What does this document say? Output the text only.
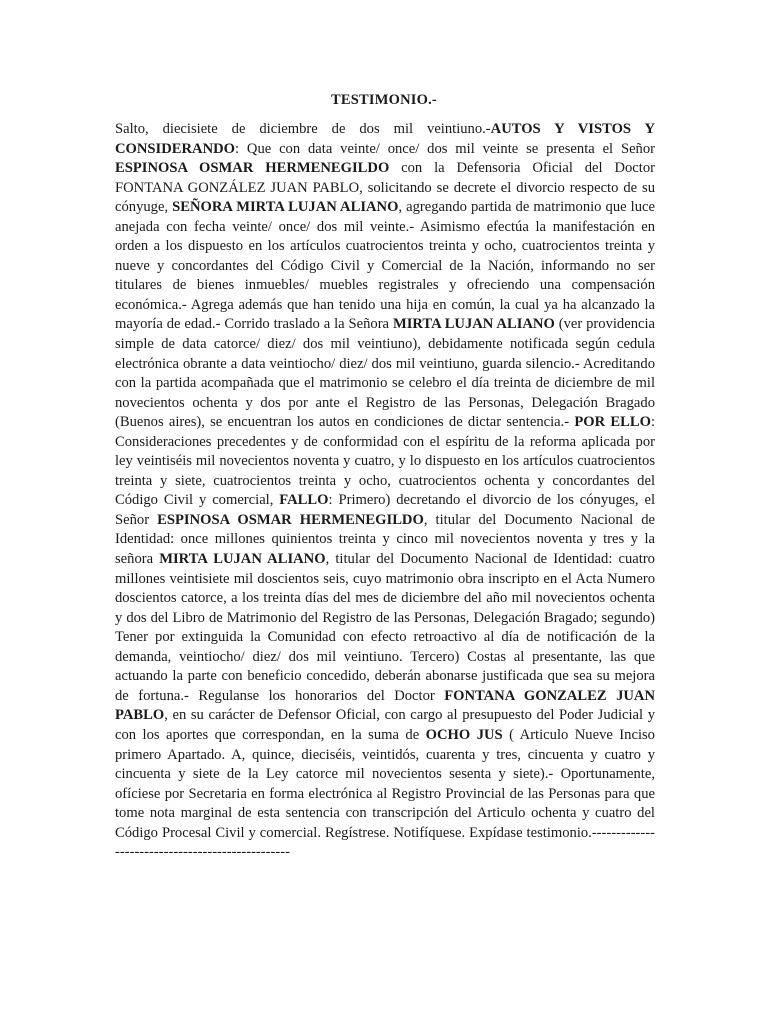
TESTIMONIO.-

Salto, diecisiete de diciembre de dos mil veintiuno.-AUTOS Y VISTOS Y CONSIDERANDO: Que con data veinte/ once/ dos mil veinte se presenta el Señor ESPINOSA OSMAR HERMENEGILDO con la Defensoria Oficial del Doctor FONTANA GONZÁLEZ JUAN PABLO, solicitando se decrete el divorcio respecto de su cónyuge, SEÑORA MIRTA LUJAN ALIANO, agregando partida de matrimonio que luce anejada con fecha veinte/ once/ dos mil veinte.- Asimismo efectúa la manifestación en orden a los dispuesto en los artículos cuatrocientos treinta y ocho, cuatrocientos treinta y nueve y concordantes del Código Civil y Comercial de la Nación, informando no ser titulares de bienes inmuebles/ muebles registrales y ofreciendo una compensación económica.- Agrega además que han tenido una hija en común, la cual ya ha alcanzado la mayoría de edad.- Corrido traslado a la Señora MIRTA LUJAN ALIANO (ver providencia simple de data catorce/ diez/ dos mil veintiuno), debidamente notificada según cedula electrónica obrante a data veintiocho/ diez/ dos mil veintiuno, guarda silencio.- Acreditando con la partida acompañada que el matrimonio se celebro el día treinta de diciembre de mil novecientos ochenta y dos por ante el Registro de las Personas, Delegación Bragado (Buenos aires), se encuentran los autos en condiciones de dictar sentencia.- POR ELLO: Consideraciones precedentes y de conformidad con el espíritu de la reforma aplicada por ley veintiséis mil novecientos noventa y cuatro, y lo dispuesto en los artículos cuatrocientos treinta y siete, cuatrocientos treinta y ocho, cuatrocientos ochenta y concordantes del Código Civil y comercial, FALLO: Primero) decretando el divorcio de los cónyuges, el Señor ESPINOSA OSMAR HERMENEGILDO, titular del Documento Nacional de Identidad: once millones quinientos treinta y cinco mil novecientos noventa y tres y la señora MIRTA LUJAN ALIANO, titular del Documento Nacional de Identidad: cuatro millones veintisiete mil doscientos seis, cuyo matrimonio obra inscripto en el Acta Numero doscientos catorce, a los treinta días del mes de diciembre del año mil novecientos ochenta y dos del Libro de Matrimonio del Registro de las Personas, Delegación Bragado; segundo) Tener por extinguida la Comunidad con efecto retroactivo al día de notificación de la demanda, veintiocho/ diez/ dos mil veintiuno. Tercero) Costas al presentante, las que actuando la parte con beneficio concedido, deberán abonarse justificada que sea su mejora de fortuna.- Regulanse los honorarios del Doctor FONTANA GONZALEZ JUAN PABLO, en su carácter de Defensor Oficial, con cargo al presupuesto del Poder Judicial y con los aportes que correspondan, en la suma de OCHO JUS ( Articulo Nueve Inciso primero Apartado. A, quince, dieciséis, veintidós, cuarenta y tres, cincuenta y cuatro y cincuenta y siete de la Ley catorce mil novecientos sesenta y siete).- Oportunamente, ofíciese por Secretaria en forma electrónica al Registro Provincial de las Personas para que tome nota marginal de esta sentencia con transcripción del Articulo ochenta y cuatro del Código Procesal Civil y comercial. Regístrese. Notifíquese. Expídase testimonio.-------------------------------------------------
